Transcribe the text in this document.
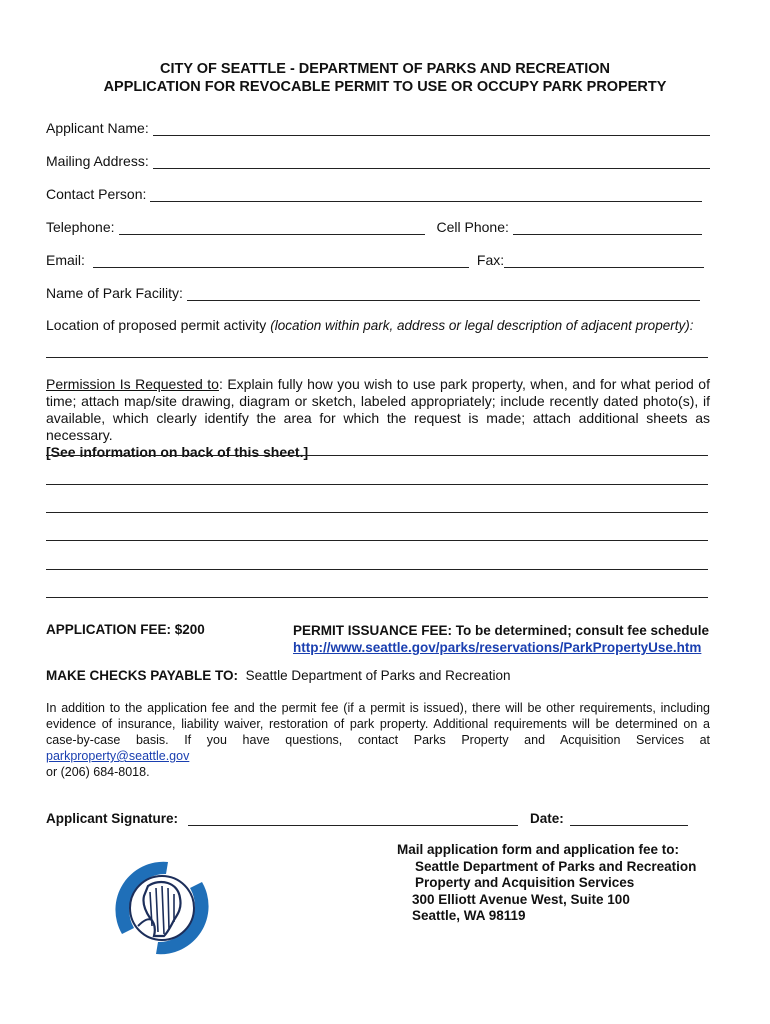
CITY OF SEATTLE - DEPARTMENT OF PARKS AND RECREATION
APPLICATION FOR REVOCABLE PERMIT TO USE OR OCCUPY PARK PROPERTY
Applicant Name:
Mailing Address:
Contact Person:
Telephone:	Cell Phone:
Email:	Fax:
Name of Park Facility:
Location of proposed permit activity (location within park, address or legal description of adjacent property):
Permission Is Requested to: Explain fully how you wish to use park property, when, and for what period of time; attach map/site drawing, diagram or sketch, labeled appropriately; include recently dated photo(s), if available, which clearly identify the area for which the request is made; attach additional sheets as necessary.
[See information on back of this sheet.]
APPLICATION FEE: $200	PERMIT ISSUANCE FEE: To be determined; consult fee schedule
http://www.seattle.gov/parks/reservations/ParkPropertyUse.htm
MAKE CHECKS PAYABLE TO: Seattle Department of Parks and Recreation
In addition to the application fee and the permit fee (if a permit is issued), there will be other requirements, including evidence of insurance, liability waiver, restoration of park property. Additional requirements will be determined on a case-by-case basis. If you have questions, contact Parks Property and Acquisition Services at parkproperty@seattle.gov
or (206) 684-8018.
Applicant Signature:	Date:
Mail application form and application fee to:
Seattle Department of Parks and Recreation
Property and Acquisition Services
300 Elliott Avenue West, Suite 100
Seattle, WA 98119
